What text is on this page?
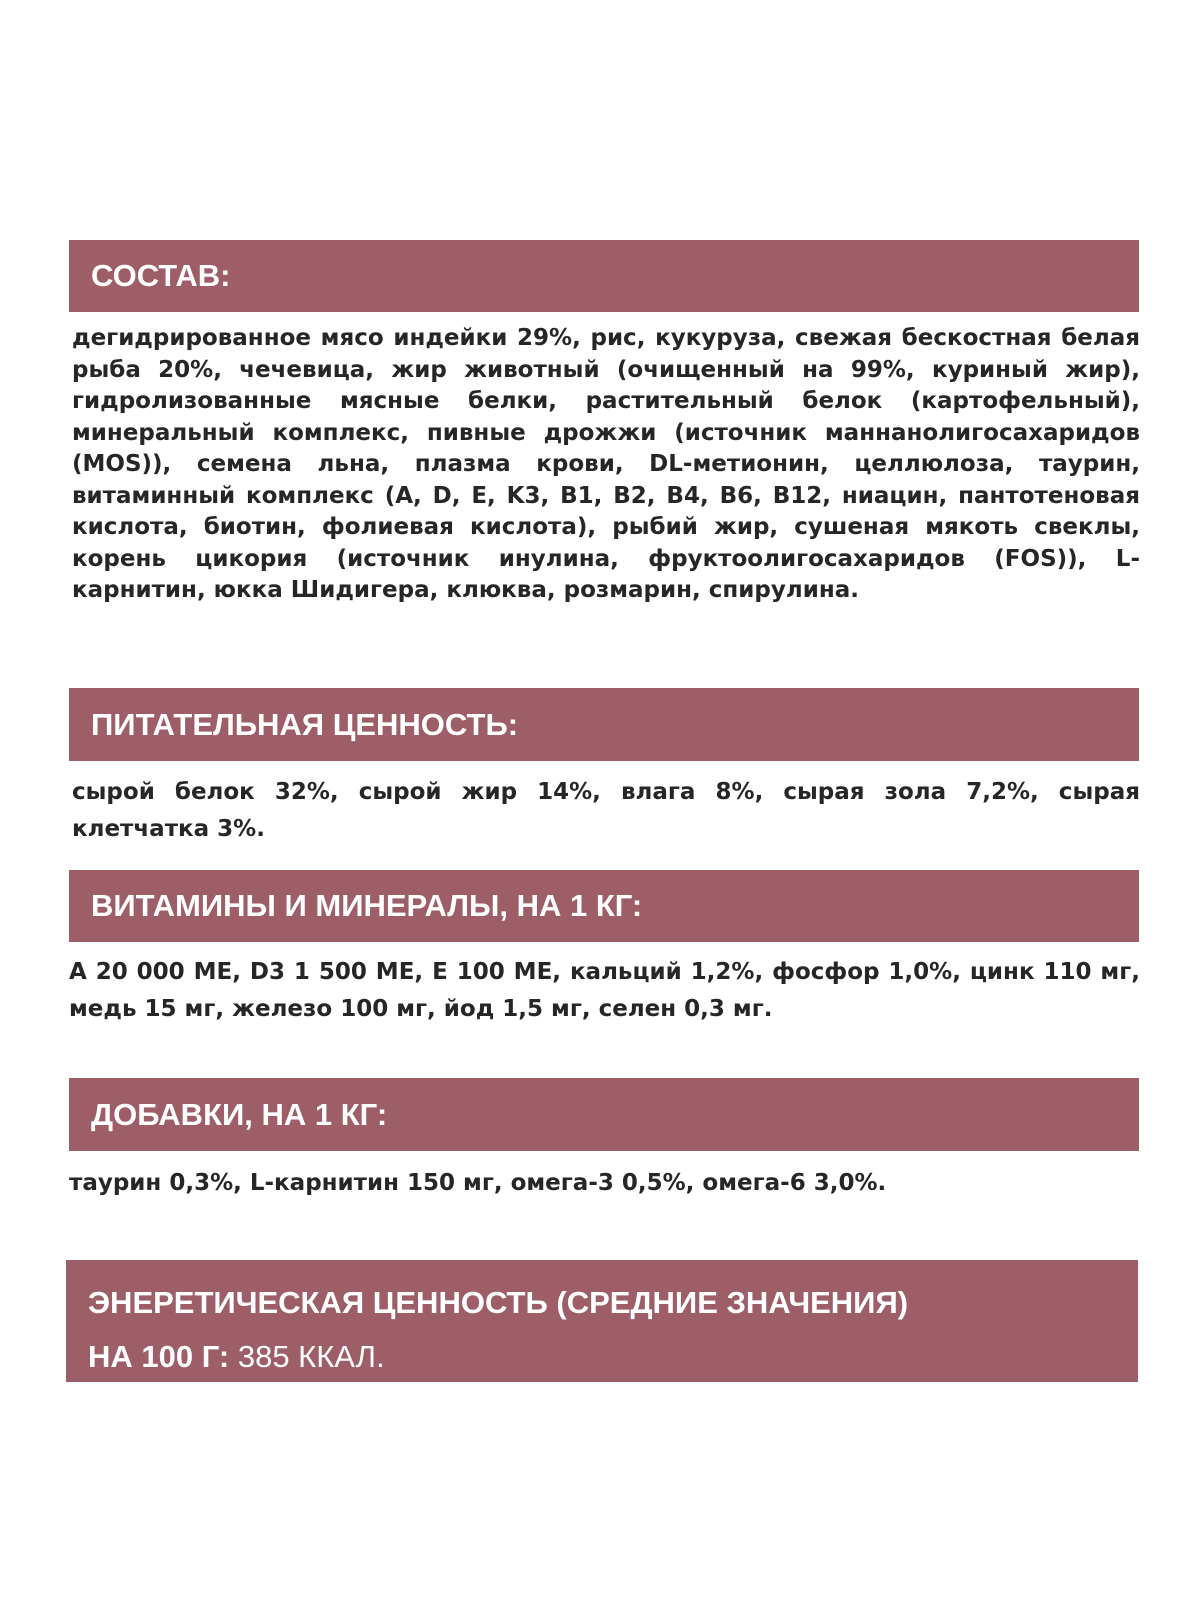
СОСТАВ:

дегидрированное мясо индейки 29%, рис, кукуруза, свежая бескостная белая рыба 20%, чечевица, жир животный (очищенный на 99%, куриный жир), гидролизованные мясные белки, растительный белок (картофельный), минеральный комплекс, пивные дрожжи (источник маннанолигосахаридов (MOS)), семена льна, плазма крови, DL-метионин, целлюлоза, таурин, витаминный комплекс (А, D, E, K3, B1, B2, B4, B6, B12, ниацин, пантотеновая кислота, биотин, фолиевая кислота), рыбий жир, сушеная мякоть свеклы, корень цикория (источник инулина, фруктоолигосахаридов (FOS)), L-карнитин, юкка Шидигера, клюква, розмарин, спирулина.

ПИТАТЕЛЬНАЯ ЦЕННОСТЬ:

сырой белок 32%, сырой жир 14%, влага 8%, сырая зола 7,2%, сырая клетчатка 3%.

ВИТАМИНЫ И МИНЕРАЛЫ, НА 1 КГ:

А 20 000 МЕ, D3 1 500 МЕ, Е 100 МЕ, кальций 1,2%, фосфор 1,0%, цинк 110 мг, медь 15 мг, железо 100 мг, йод 1,5 мг, селен 0,3 мг.

ДОБАВКИ, НА 1 КГ:

таурин 0,3%, L-карнитин 150 мг, омега-3 0,5%, омега-6 3,0%.

ЭНЕРЕТИЧЕСКАЯ ЦЕННОСТЬ (СРЕДНИЕ ЗНАЧЕНИЯ)
НА 100 Г: 385 ККАЛ.
